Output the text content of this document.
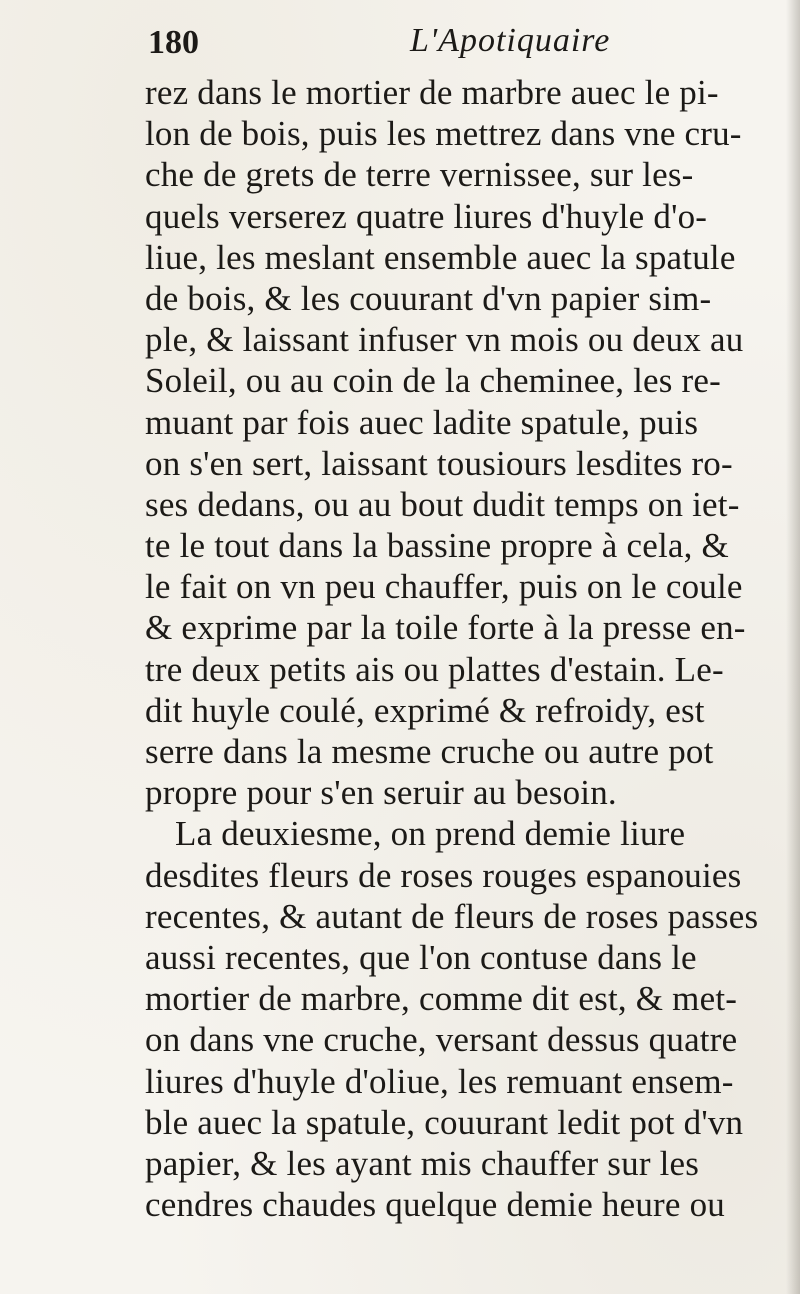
180	L'Apotiquaire
rez dans le mortier de marbre auec le pi-
lon de bois, puis les mettrez dans vne cru-
che de grets de terre vernissee, sur les-
quels verserez quatre liures d'huyle d'o-
liue, les meslant ensemble auec la spatule
de bois, & les couurant d'vn papier sim-
ple, & laissant infuser vn mois ou deux au
Soleil, ou au coin de la cheminee, les re-
muant par fois auec ladite spatule, puis
on s'en sert, laissant tousiours lesdites ro-
ses dedans, ou au bout dudit temps on iet-
te le tout dans la bassine propre à cela, &
le fait on vn peu chauffer, puis on le coule
& exprime par la toile forte à la presse en-
tre deux petits ais ou plattes d'estain. Le-
dit huyle coulé, exprimé & refroidy, est
serre dans la mesme cruche ou autre pot
propre pour s'en seruir au besoin.
La deuxiesme, on prend demie liure
desdites fleurs de roses rouges espanouies
recentes, & autant de fleurs de roses passes
aussi recentes, que l'on contuse dans le
mortier de marbre, comme dit est, & met-
on dans vne cruche, versant dessus quatre
liures d'huyle d'oliue, les remuant ensem-
ble auec la spatule, couurant ledit pot d'vn
papier, & les ayant mis chauffer sur les
cendres chaudes quelque demie heure ou
